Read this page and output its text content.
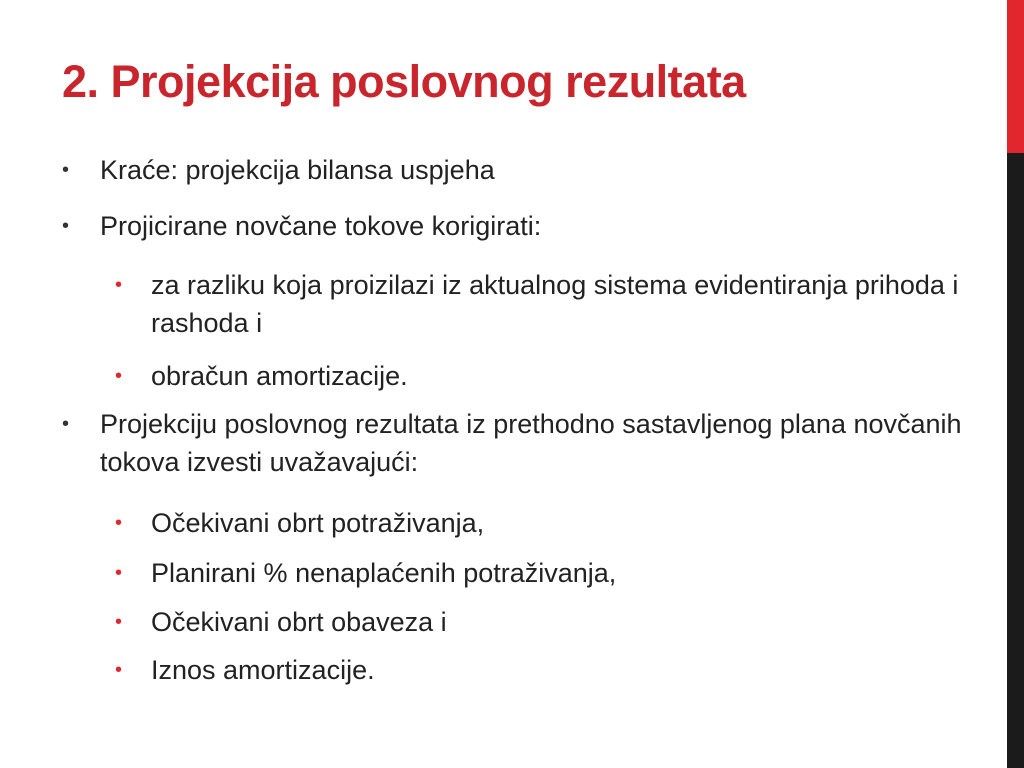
2. Projekcija poslovnog rezultata
• Kraće: projekcija bilansa uspjeha
• Projicirane novčane tokove korigirati:
• za razliku koja proizilazi iz aktualnog sistema evidentiranja prihoda i rashoda i
• obračun amortizacije.
• Projekciju poslovnog rezultata iz prethodno sastavljenog plana novčanih tokova izvesti uvažavajući:
• Očekivani obrt potraživanja,
• Planirani % nenaplaćenih potraživanja,
• Očekivani obrt obaveza i
• Iznos amortizacije.
